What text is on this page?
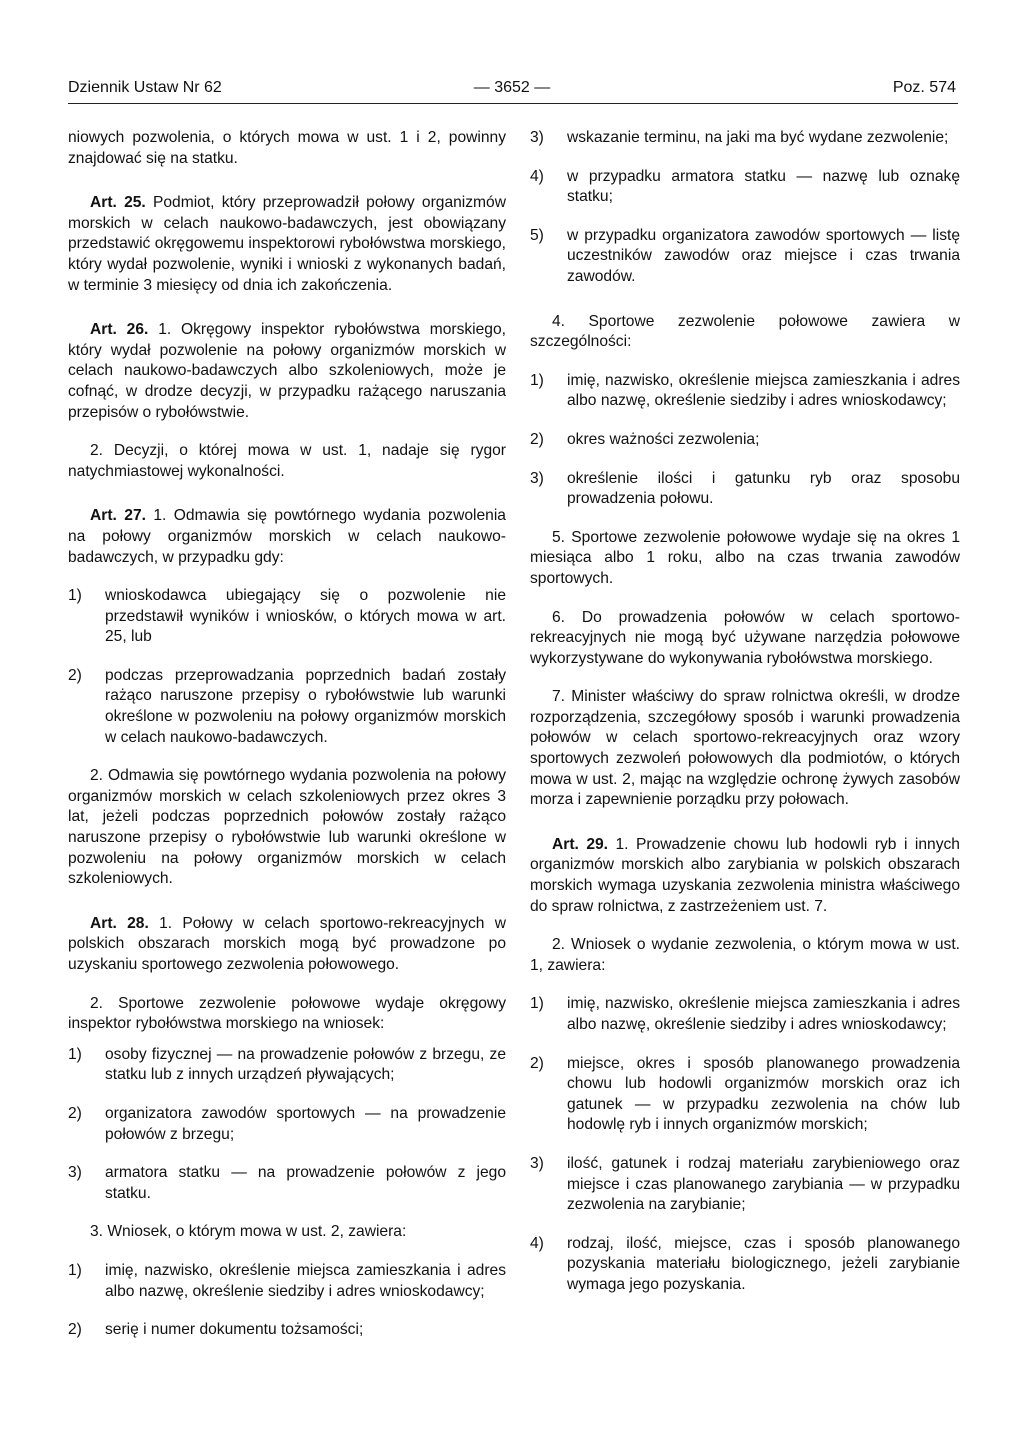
Dziennik Ustaw Nr 62	— 3652 —	Poz. 574

niowych pozwolenia, o których mowa w ust. 1 i 2, powinny znajdować się na statku.

Art. 25. Podmiot, który przeprowadził połowy organizmów morskich w celach naukowo-badawczych, jest obowiązany przedstawić okręgowemu inspektorowi rybołówstwa morskiego, który wydał pozwolenie, wyniki i wnioski z wykonanych badań, w terminie 3 miesięcy od dnia ich zakończenia.

Art. 26. 1. Okręgowy inspektor rybołówstwa morskiego, który wydał pozwolenie na połowy organizmów morskich w celach naukowo-badawczych albo szkoleniowych, może je cofnąć, w drodze decyzji, w przypadku rażącego naruszania przepisów o rybołówstwie.

2. Decyzji, o której mowa w ust. 1, nadaje się rygor natychmiastowej wykonalności.

Art. 27. 1. Odmawia się powtórnego wydania pozwolenia na połowy organizmów morskich w celach naukowo-badawczych, w przypadku gdy:

1) wnioskodawca ubiegający się o pozwolenie nie przedstawił wyników i wniosków, o których mowa w art. 25, lub
2) podczas przeprowadzania poprzednich badań zostały rażąco naruszone przepisy o rybołówstwie lub warunki określone w pozwoleniu na połowy organizmów morskich w celach naukowo-badawczych.

2. Odmawia się powtórnego wydania pozwolenia na połowy organizmów morskich w celach szkoleniowych przez okres 3 lat, jeżeli podczas poprzednich połowów zostały rażąco naruszone przepisy o rybołówstwie lub warunki określone w pozwoleniu na połowy organizmów morskich w celach szkoleniowych.

Art. 28. 1. Połowy w celach sportowo-rekreacyjnych w polskich obszarach morskich mogą być prowadzone po uzyskaniu sportowego zezwolenia połowowego.

2. Sportowe zezwolenie połowowe wydaje okręgowy inspektor rybołówstwa morskiego na wniosek:

1) osoby fizycznej — na prowadzenie połowów z brzegu, ze statku lub z innych urządzeń pływających;
2) organizatora zawodów sportowych — na prowadzenie połowów z brzegu;
3) armatora statku — na prowadzenie połowów z jego statku.

3. Wniosek, o którym mowa w ust. 2, zawiera:

1) imię, nazwisko, określenie miejsca zamieszkania i adres albo nazwę, określenie siedziby i adres wnioskodawcy;
2) serię i numer dokumentu tożsamości;
3) wskazanie terminu, na jaki ma być wydane zezwolenie;
4) w przypadku armatora statku — nazwę lub oznakę statku;
5) w przypadku organizatora zawodów sportowych — listę uczestników zawodów oraz miejsce i czas trwania zawodów.

4. Sportowe zezwolenie połowowe zawiera w szczególności:

1) imię, nazwisko, określenie miejsca zamieszkania i adres albo nazwę, określenie siedziby i adres wnioskodawcy;
2) okres ważności zezwolenia;
3) określenie ilości i gatunku ryb oraz sposobu prowadzenia połowu.

5. Sportowe zezwolenie połowowe wydaje się na okres 1 miesiąca albo 1 roku, albo na czas trwania zawodów sportowych.

6. Do prowadzenia połowów w celach sportowo-rekreacyjnych nie mogą być używane narzędzia połowowe wykorzystywane do wykonywania rybołówstwa morskiego.

7. Minister właściwy do spraw rolnictwa określi, w drodze rozporządzenia, szczegółowy sposób i warunki prowadzenia połowów w celach sportowo-rekreacyjnych oraz wzory sportowych zezwoleń połowowych dla podmiotów, o których mowa w ust. 2, mając na względzie ochronę żywych zasobów morza i zapewnienie porządku przy połowach.

Art. 29. 1. Prowadzenie chowu lub hodowli ryb i innych organizmów morskich albo zarybiania w polskich obszarach morskich wymaga uzyskania zezwolenia ministra właściwego do spraw rolnictwa, z zastrzeżeniem ust. 7.

2. Wniosek o wydanie zezwolenia, o którym mowa w ust. 1, zawiera:

1) imię, nazwisko, określenie miejsca zamieszkania i adres albo nazwę, określenie siedziby i adres wnioskodawcy;
2) miejsce, okres i sposób planowanego prowadzenia chowu lub hodowli organizmów morskich oraz ich gatunek — w przypadku zezwolenia na chów lub hodowlę ryb i innych organizmów morskich;
3) ilość, gatunek i rodzaj materiału zarybieniowego oraz miejsce i czas planowanego zarybiania — w przypadku zezwolenia na zarybianie;
4) rodzaj, ilość, miejsce, czas i sposób planowanego pozyskania materiału biologicznego, jeżeli zarybianie wymaga jego pozyskania.
